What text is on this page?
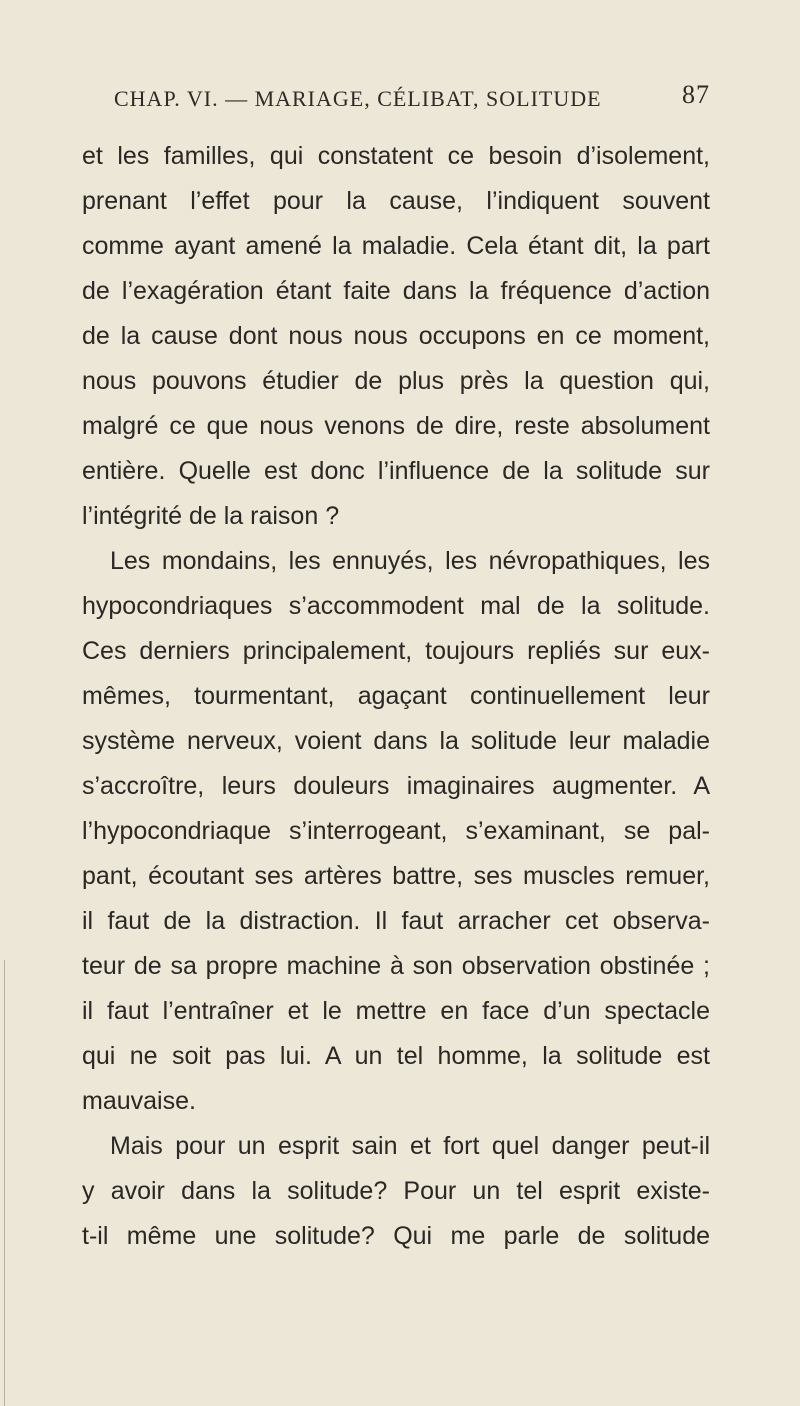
CHAP. VI. — MARIAGE, CÉLIBAT, SOLITUDE	87
et les familles, qui constatent ce besoin d’isolement,
prenant l’effet pour la cause, l’indiquent souvent
comme ayant amené la maladie. Cela étant dit, la part
de l’exagération étant faite dans la fréquence d’action
de la cause dont nous nous occupons en ce moment,
nous pouvons étudier de plus près la question qui,
malgré ce que nous venons de dire, reste absolument
entière. Quelle est donc l’influence de la solitude sur
l’intégrité de la raison ?
Les mondains, les ennuyés, les névropathiques, les
hypocondriaques s’accommodent mal de la solitude.
Ces derniers principalement, toujours repliés sur eux-
mêmes, tourmentant, agaçant continuellement leur
système nerveux, voient dans la solitude leur maladie
s’accroître, leurs douleurs imaginaires augmenter. A
l’hypocondriaque s’interrogeant, s’examinant, se pal-
pant, écoutant ses artères battre, ses muscles remuer,
il faut de la distraction. Il faut arracher cet observa-
teur de sa propre machine à son observation obstinée ;
il faut l’entraîner et le mettre en face d’un spectacle
qui ne soit pas lui. A un tel homme, la solitude est
mauvaise.
Mais pour un esprit sain et fort quel danger peut-il
y avoir dans la solitude? Pour un tel esprit existe-
t-il même une solitude? Qui me parle de solitude
